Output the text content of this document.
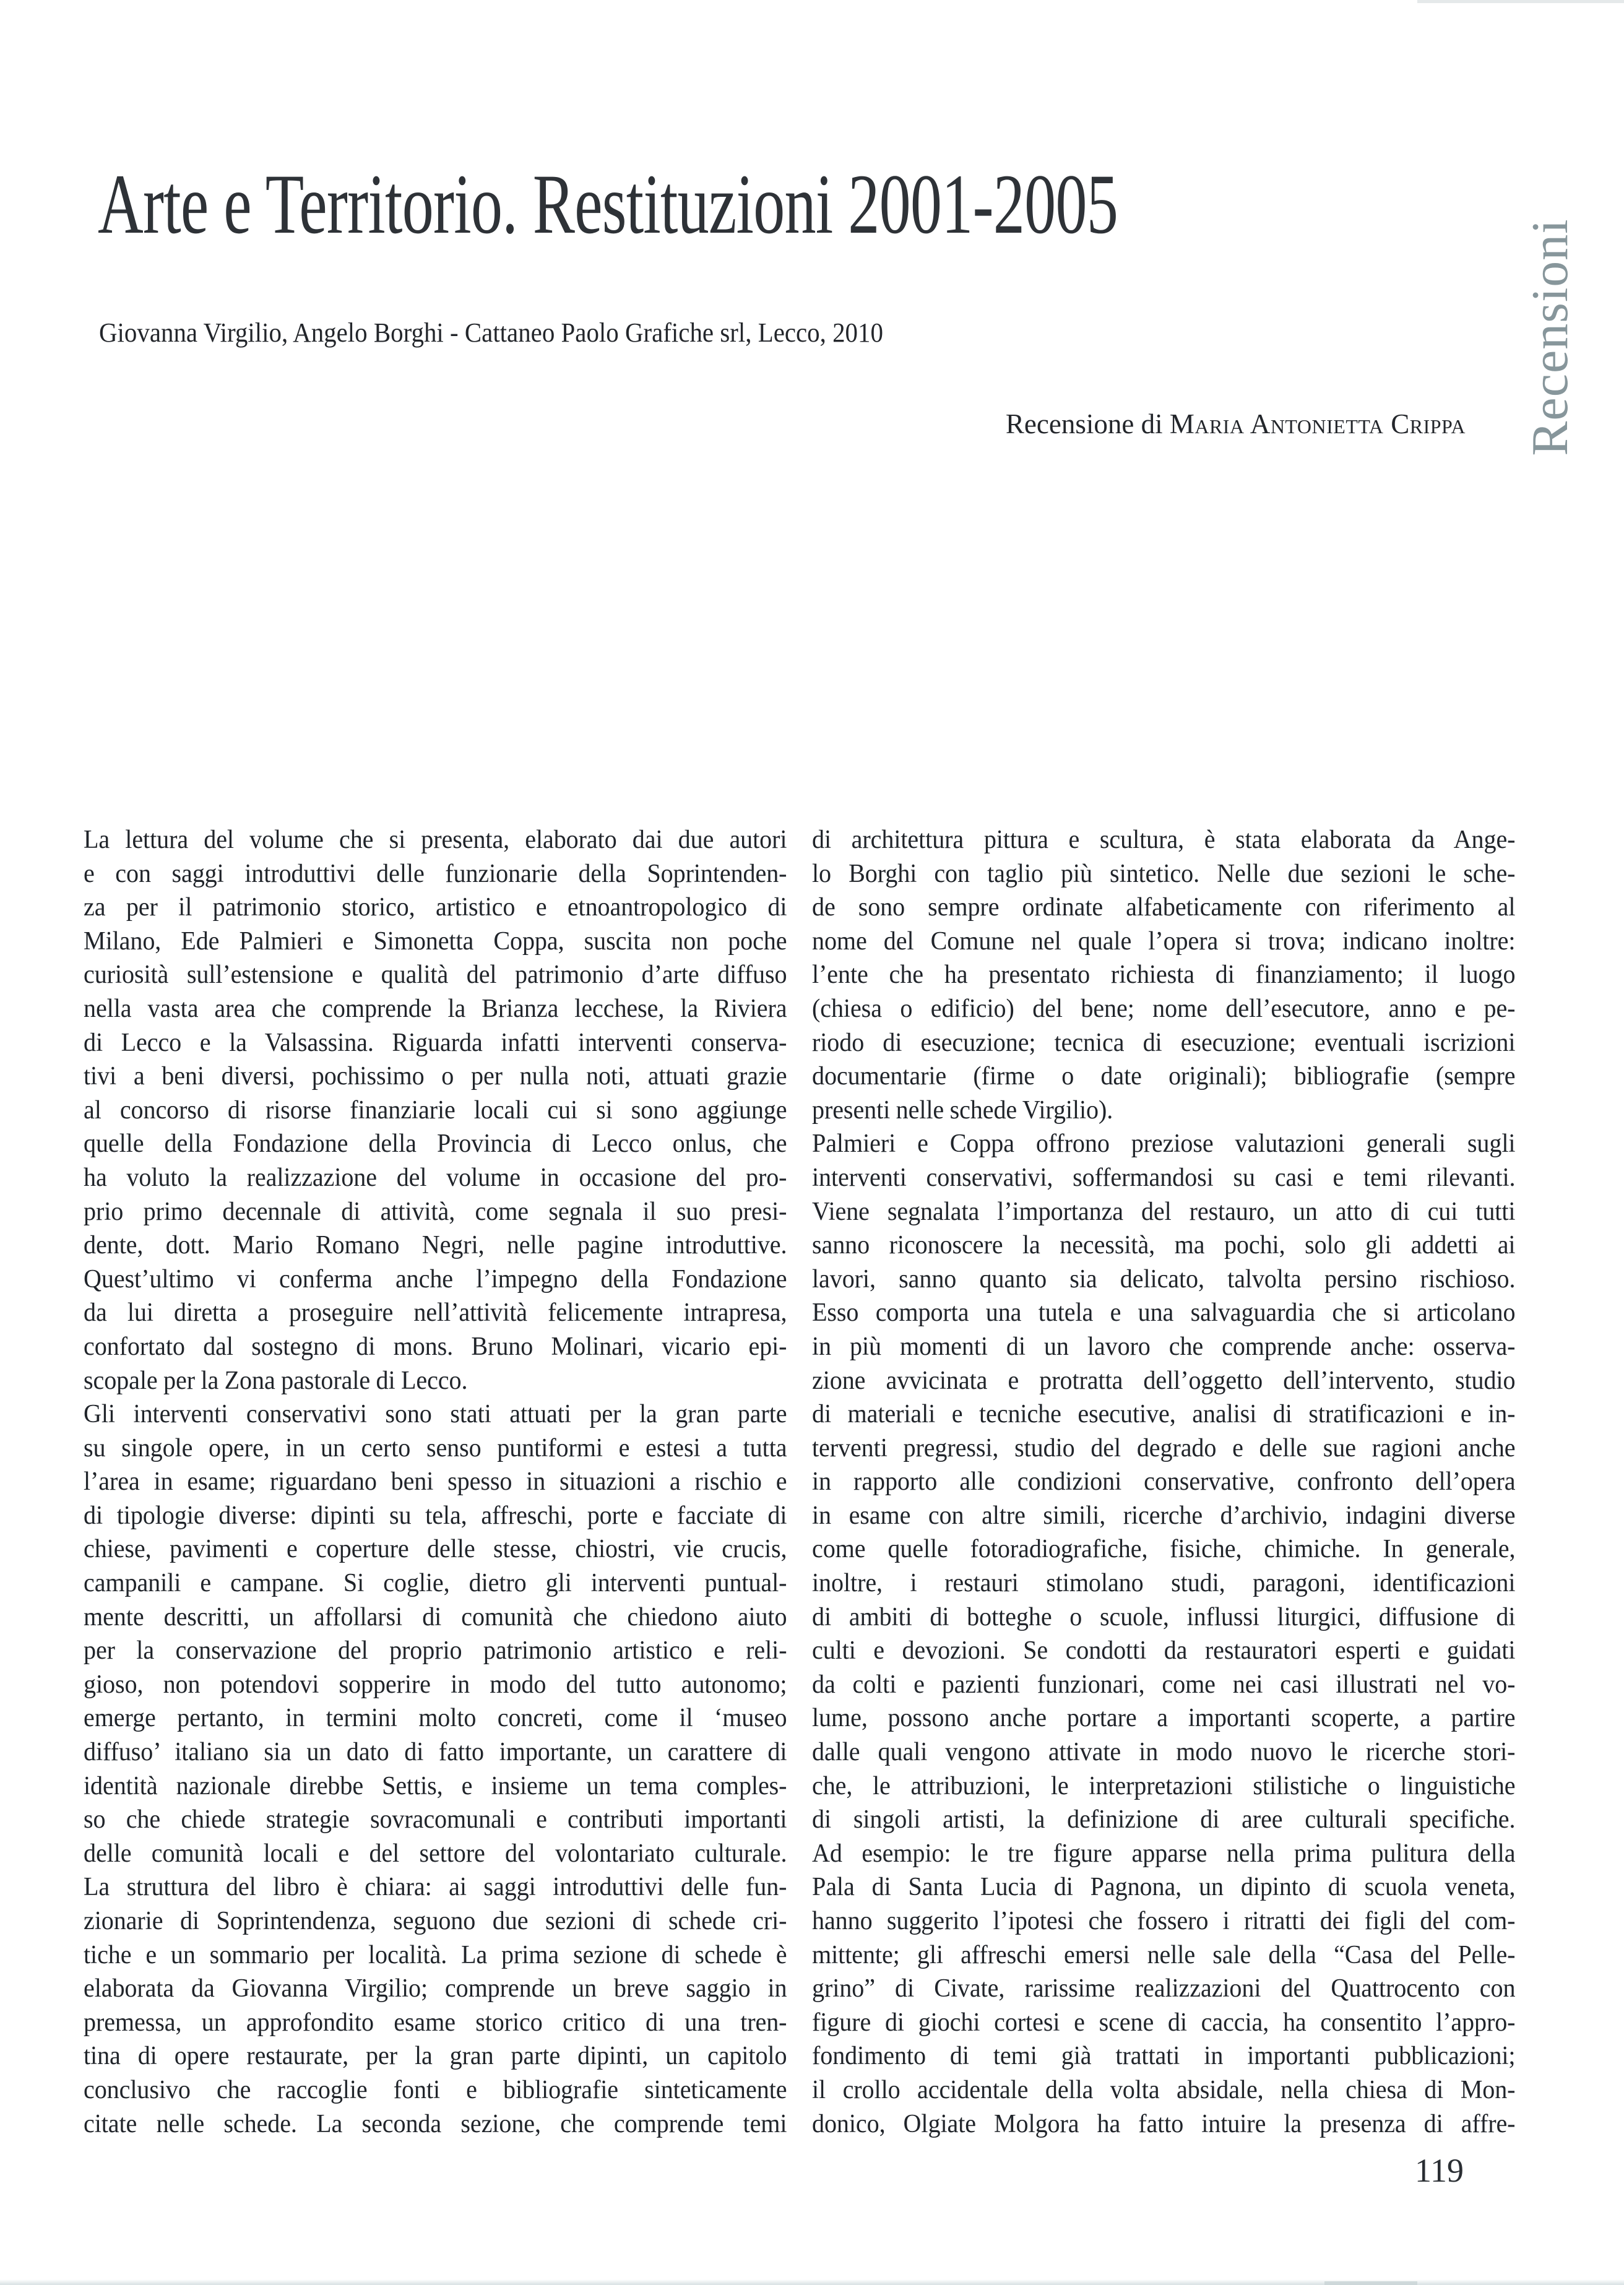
Arte e Territorio. Restituzioni 2001-2005
Giovanna Virgilio, Angelo Borghi - Cattaneo Paolo Grafiche srl, Lecco, 2010
Recensione di Maria Antonietta Crippa Recensioni
La lettura del volume che si presenta, elaborato dai due autori
e con saggi introduttivi delle funzionarie della Soprintenden-
za per il patrimonio storico, artistico e etnoantropologico di
Milano, Ede Palmieri e Simonetta Coppa, suscita non poche
curiosità sull’estensione e qualità del patrimonio d’arte diffuso
nella vasta area che comprende la Brianza lecchese, la Riviera
di Lecco e la Valsassina. Riguarda infatti interventi conserva-
tivi a beni diversi, pochissimo o per nulla noti, attuati grazie
al concorso di risorse finanziarie locali cui si sono aggiunge
quelle della Fondazione della Provincia di Lecco onlus, che
ha voluto la realizzazione del volume in occasione del pro-
prio primo decennale di attività, come segnala il suo presi-
dente, dott. Mario Romano Negri, nelle pagine introduttive.
Quest’ultimo vi conferma anche l’impegno della Fondazione
da lui diretta a proseguire nell’attività felicemente intrapresa,
confortato dal sostegno di mons. Bruno Molinari, vicario epi-
scopale per la Zona pastorale di Lecco.
Gli interventi conservativi sono stati attuati per la gran parte
su singole opere, in un certo senso puntiformi e estesi a tutta
l’area in esame; riguardano beni spesso in situazioni a rischio e
di tipologie diverse: dipinti su tela, affreschi, porte e facciate di
chiese, pavimenti e coperture delle stesse, chiostri, vie crucis,
campanili e campane. Si coglie, dietro gli interventi puntual-
mente descritti, un affollarsi di comunità che chiedono aiuto
per la conservazione del proprio patrimonio artistico e reli-
gioso, non potendovi sopperire in modo del tutto autonomo;
emerge pertanto, in termini molto concreti, come il ‘museo
diffuso’ italiano sia un dato di fatto importante, un carattere di
identità nazionale direbbe Settis, e insieme un tema comples-
so che chiede strategie sovracomunali e contributi importanti
delle comunità locali e del settore del volontariato culturale.
La struttura del libro è chiara: ai saggi introduttivi delle fun-
zionarie di Soprintendenza, seguono due sezioni di schede cri-
tiche e un sommario per località. La prima sezione di schede è
elaborata da Giovanna Virgilio; comprende un breve saggio in
premessa, un approfondito esame storico critico di una tren-
tina di opere restaurate, per la gran parte dipinti, un capitolo
conclusivo che raccoglie fonti e bibliografie sinteticamente
citate nelle schede. La seconda sezione, che comprende temi
di architettura pittura e scultura, è stata elaborata da Ange-
lo Borghi con taglio più sintetico. Nelle due sezioni le sche-
de sono sempre ordinate alfabeticamente con riferimento al
nome del Comune nel quale l’opera si trova; indicano inoltre:
l’ente che ha presentato richiesta di finanziamento; il luogo
(chiesa o edificio) del bene; nome dell’esecutore, anno e pe-
riodo di esecuzione; tecnica di esecuzione; eventuali iscrizioni
documentarie (firme o date originali); bibliografie (sempre
presenti nelle schede Virgilio).
Palmieri e Coppa offrono preziose valutazioni generali sugli
interventi conservativi, soffermandosi su casi e temi rilevanti.
Viene segnalata l’importanza del restauro, un atto di cui tutti
sanno riconoscere la necessità, ma pochi, solo gli addetti ai
lavori, sanno quanto sia delicato, talvolta persino rischioso.
Esso comporta una tutela e una salvaguardia che si articolano
in più momenti di un lavoro che comprende anche: osserva-
zione avvicinata e protratta dell’oggetto dell’intervento, studio
di materiali e tecniche esecutive, analisi di stratificazioni e in-
terventi pregressi, studio del degrado e delle sue ragioni anche
in rapporto alle condizioni conservative, confronto dell’opera
in esame con altre simili, ricerche d’archivio, indagini diverse
come quelle fotoradiografiche, fisiche, chimiche. In generale,
inoltre, i restauri stimolano studi, paragoni, identificazioni
di ambiti di botteghe o scuole, influssi liturgici, diffusione di
culti e devozioni. Se condotti da restauratori esperti e guidati
da colti e pazienti funzionari, come nei casi illustrati nel vo-
lume, possono anche portare a importanti scoperte, a partire
dalle quali vengono attivate in modo nuovo le ricerche stori-
che, le attribuzioni, le interpretazioni stilistiche o linguistiche
di singoli artisti, la definizione di aree culturali specifiche.
Ad esempio: le tre figure apparse nella prima pulitura della
Pala di Santa Lucia di Pagnona, un dipinto di scuola veneta,
hanno suggerito l’ipotesi che fossero i ritratti dei figli del com-
mittente; gli affreschi emersi nelle sale della “Casa del Pelle-
grino” di Civate, rarissime realizzazioni del Quattrocento con
figure di giochi cortesi e scene di caccia, ha consentito l’appro-
fondimento di temi già trattati in importanti pubblicazioni;
il crollo accidentale della volta absidale, nella chiesa di Mon-
donico, Olgiate Molgora ha fatto intuire la presenza di affre-
119
